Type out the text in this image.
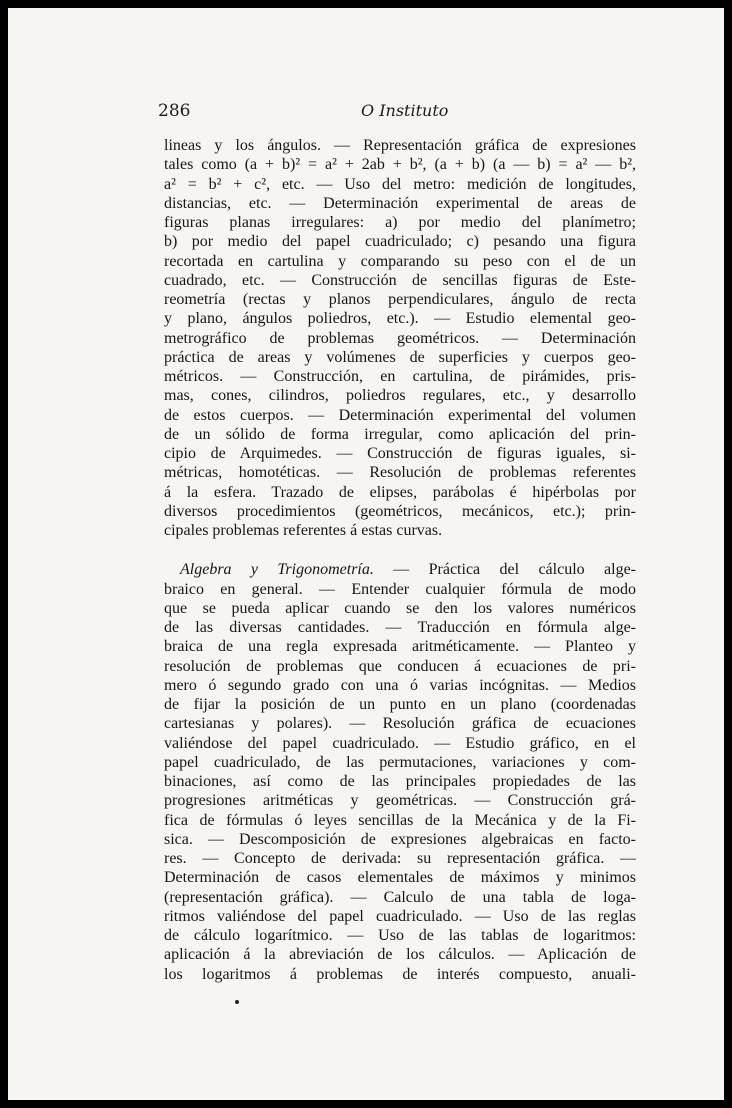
286	O Instituto
lineas y los ángulos. — Representación gráfica de expresiones
tales como (a + b)² = a² + 2ab + b², (a + b) (a — b) = a² — b²,
a² = b² + c², etc. — Uso del metro: medición de longitudes,
distancias, etc. — Determinación experimental de areas de
figuras planas irregulares: a) por medio del planímetro;
b) por medio del papel cuadriculado; c) pesando una figura
recortada en cartulina y comparando su peso con el de un
cuadrado, etc. — Construcción de sencillas figuras de Este-
reometría (rectas y planos perpendiculares, ángulo de recta
y plano, ángulos poliedros, etc.). — Estudio elemental geo-
metrográfico de problemas geométricos. — Determinación
práctica de areas y volúmenes de superficies y cuerpos geo-
métricos. — Construcción, en cartulina, de pirámides, pris-
mas, cones, cilindros, poliedros regulares, etc., y desarrollo
de estos cuerpos. — Determinación experimental del volumen
de un sólido de forma irregular, como aplicación del prin-
cipio de Arquimedes. — Construcción de figuras iguales, si-
métricas, homotéticas. — Resolución de problemas referentes
á la esfera. Trazado de elipses, parábolas é hipérbolas por
diversos procedimientos (geométricos, mecánicos, etc.); prin-
cipales problemas referentes á estas curvas.
Algebra y Trigonometría. — Práctica del cálculo alge-
braico en general. — Entender cualquier fórmula de modo
que se pueda aplicar cuando se den los valores numéricos
de las diversas cantidades. — Traducción en fórmula alge-
braica de una regla expresada aritméticamente. — Planteo y
resolución de problemas que conducen á ecuaciones de pri-
mero ó segundo grado con una ó varias incógnitas. — Medios
de fijar la posición de un punto en un plano (coordenadas
cartesianas y polares). — Resolución gráfica de ecuaciones
valiéndose del papel cuadriculado. — Estudio gráfico, en el
papel cuadriculado, de las permutaciones, variaciones y com-
binaciones, así como de las principales propiedades de las
progresiones aritméticas y geométricas. — Construcción grá-
fica de fórmulas ó leyes sencillas de la Mecánica y de la Fi-
sica. — Descomposición de expresiones algebraicas en facto-
res. — Concepto de derivada: su representación gráfica. —
Determinación de casos elementales de máximos y minimos
(representación gráfica). — Calculo de una tabla de loga-
ritmos valiéndose del papel cuadriculado. — Uso de las reglas
de cálculo logarítmico. — Uso de las tablas de logaritmos:
aplicación á la abreviación de los cálculos. — Aplicación de
los logaritmos á problemas de interés compuesto, anuali-
